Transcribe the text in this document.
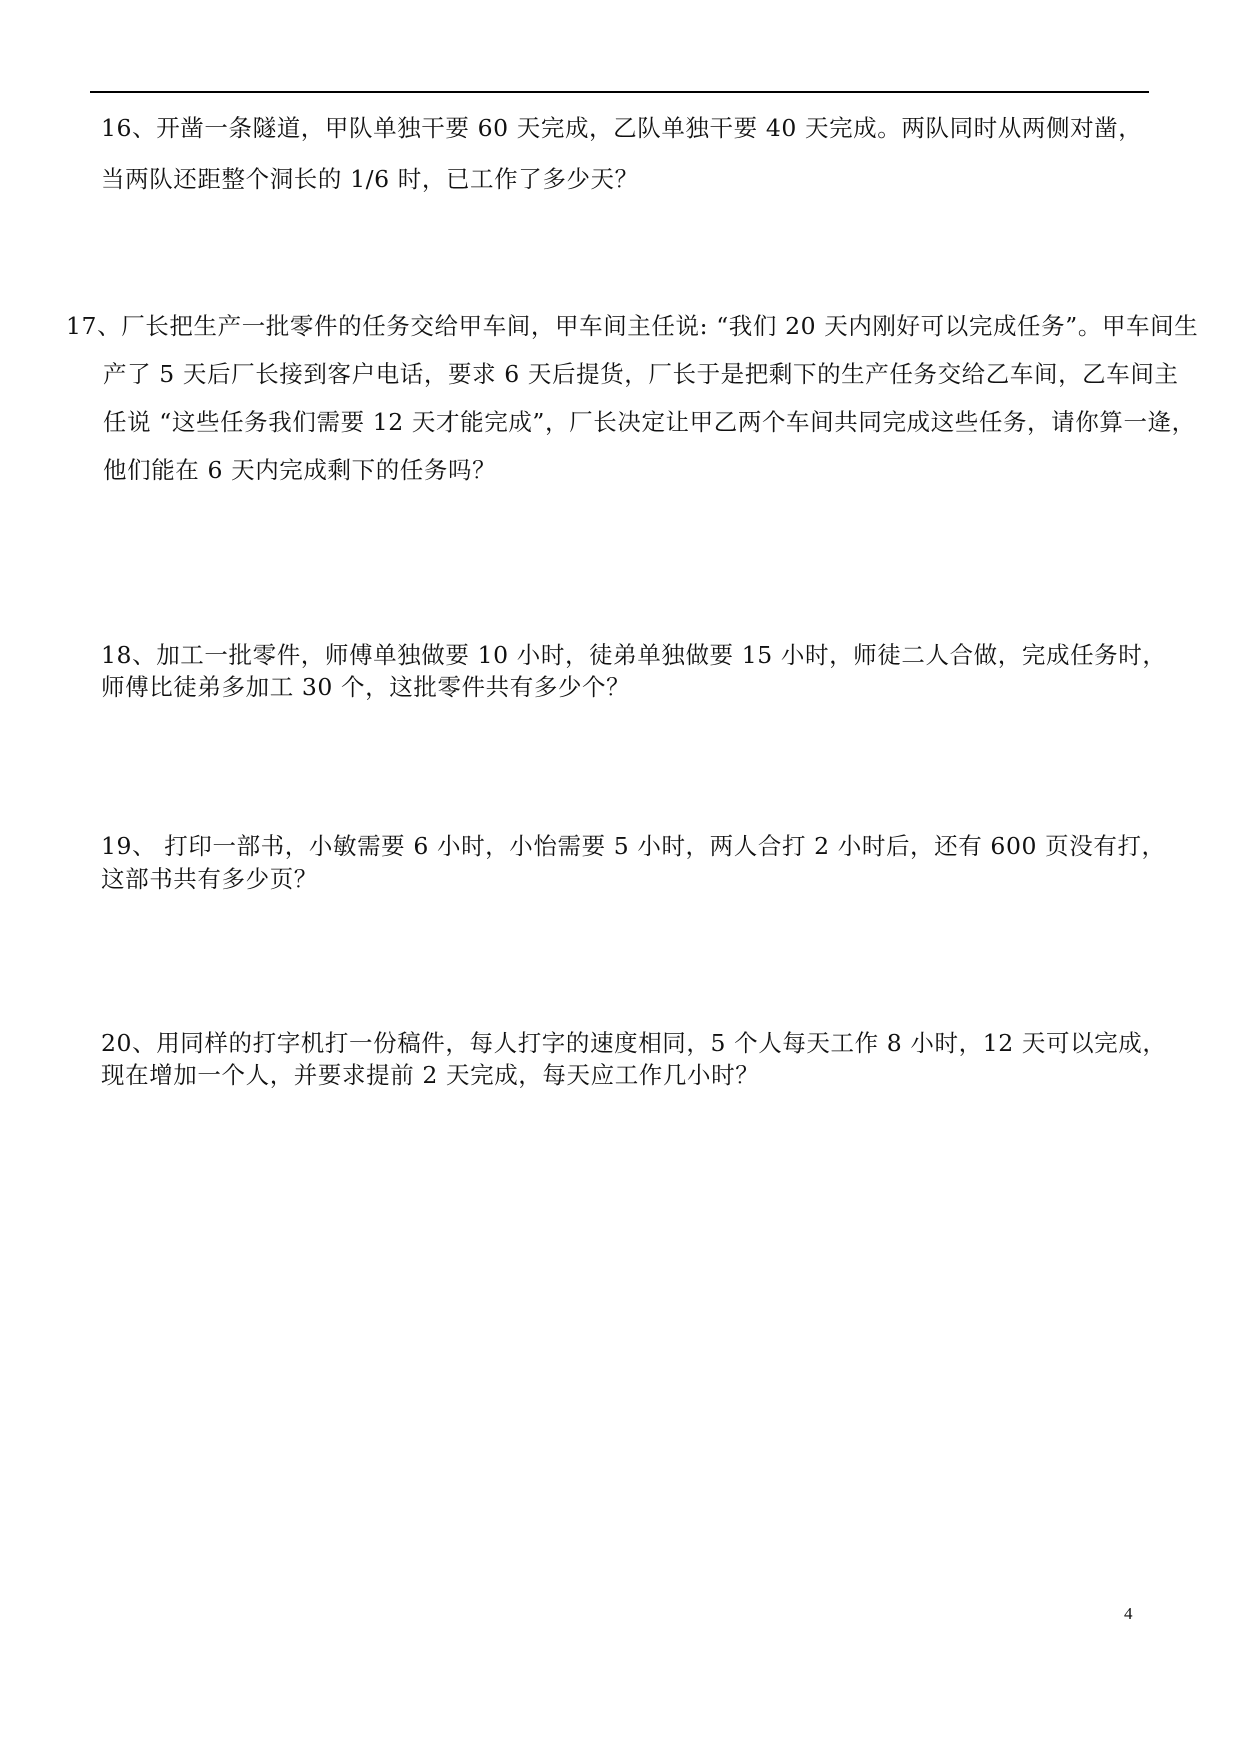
16、开凿一条隧道，甲队单独干要 60 天完成，乙队单独干要 40 天完成。两队同时从两侧对凿，
当两队还距整个洞长的 1/6 时，已工作了多少天？
17、厂长把生产一批零件的任务交给甲车间，甲车间主任说: “我们 20 天内刚好可以完成任务”。甲车间生
产了 5 天后厂长接到客户电话，要求 6 天后提货，厂长于是把剩下的生产任务交给乙车间，乙车间主
任说 “这些任务我们需要 12 天才能完成”，厂长决定让甲乙两个车间共同完成这些任务，请你算一逄，
他们能在 6 天内完成剩下的任务吗？
18、加工一批零件，师傅单独做要 10 小时，徒弟单独做要 15 小时，师徒二人合做，完成任务时，
师傅比徒弟多加工 30 个，这批零件共有多少个？
19、 打印一部书，小敏需要 6 小时，小怡需要 5 小时，两人合打 2 小时后，还有 600 页没有打，
这部书共有多少页？
20、用同样的打字机打一份稿件，每人打字的速度相同，5 个人每天工作 8 小时，12 天可以完成，
现在增加一个人，并要求提前 2 天完成，每天应工作几小时？
4
